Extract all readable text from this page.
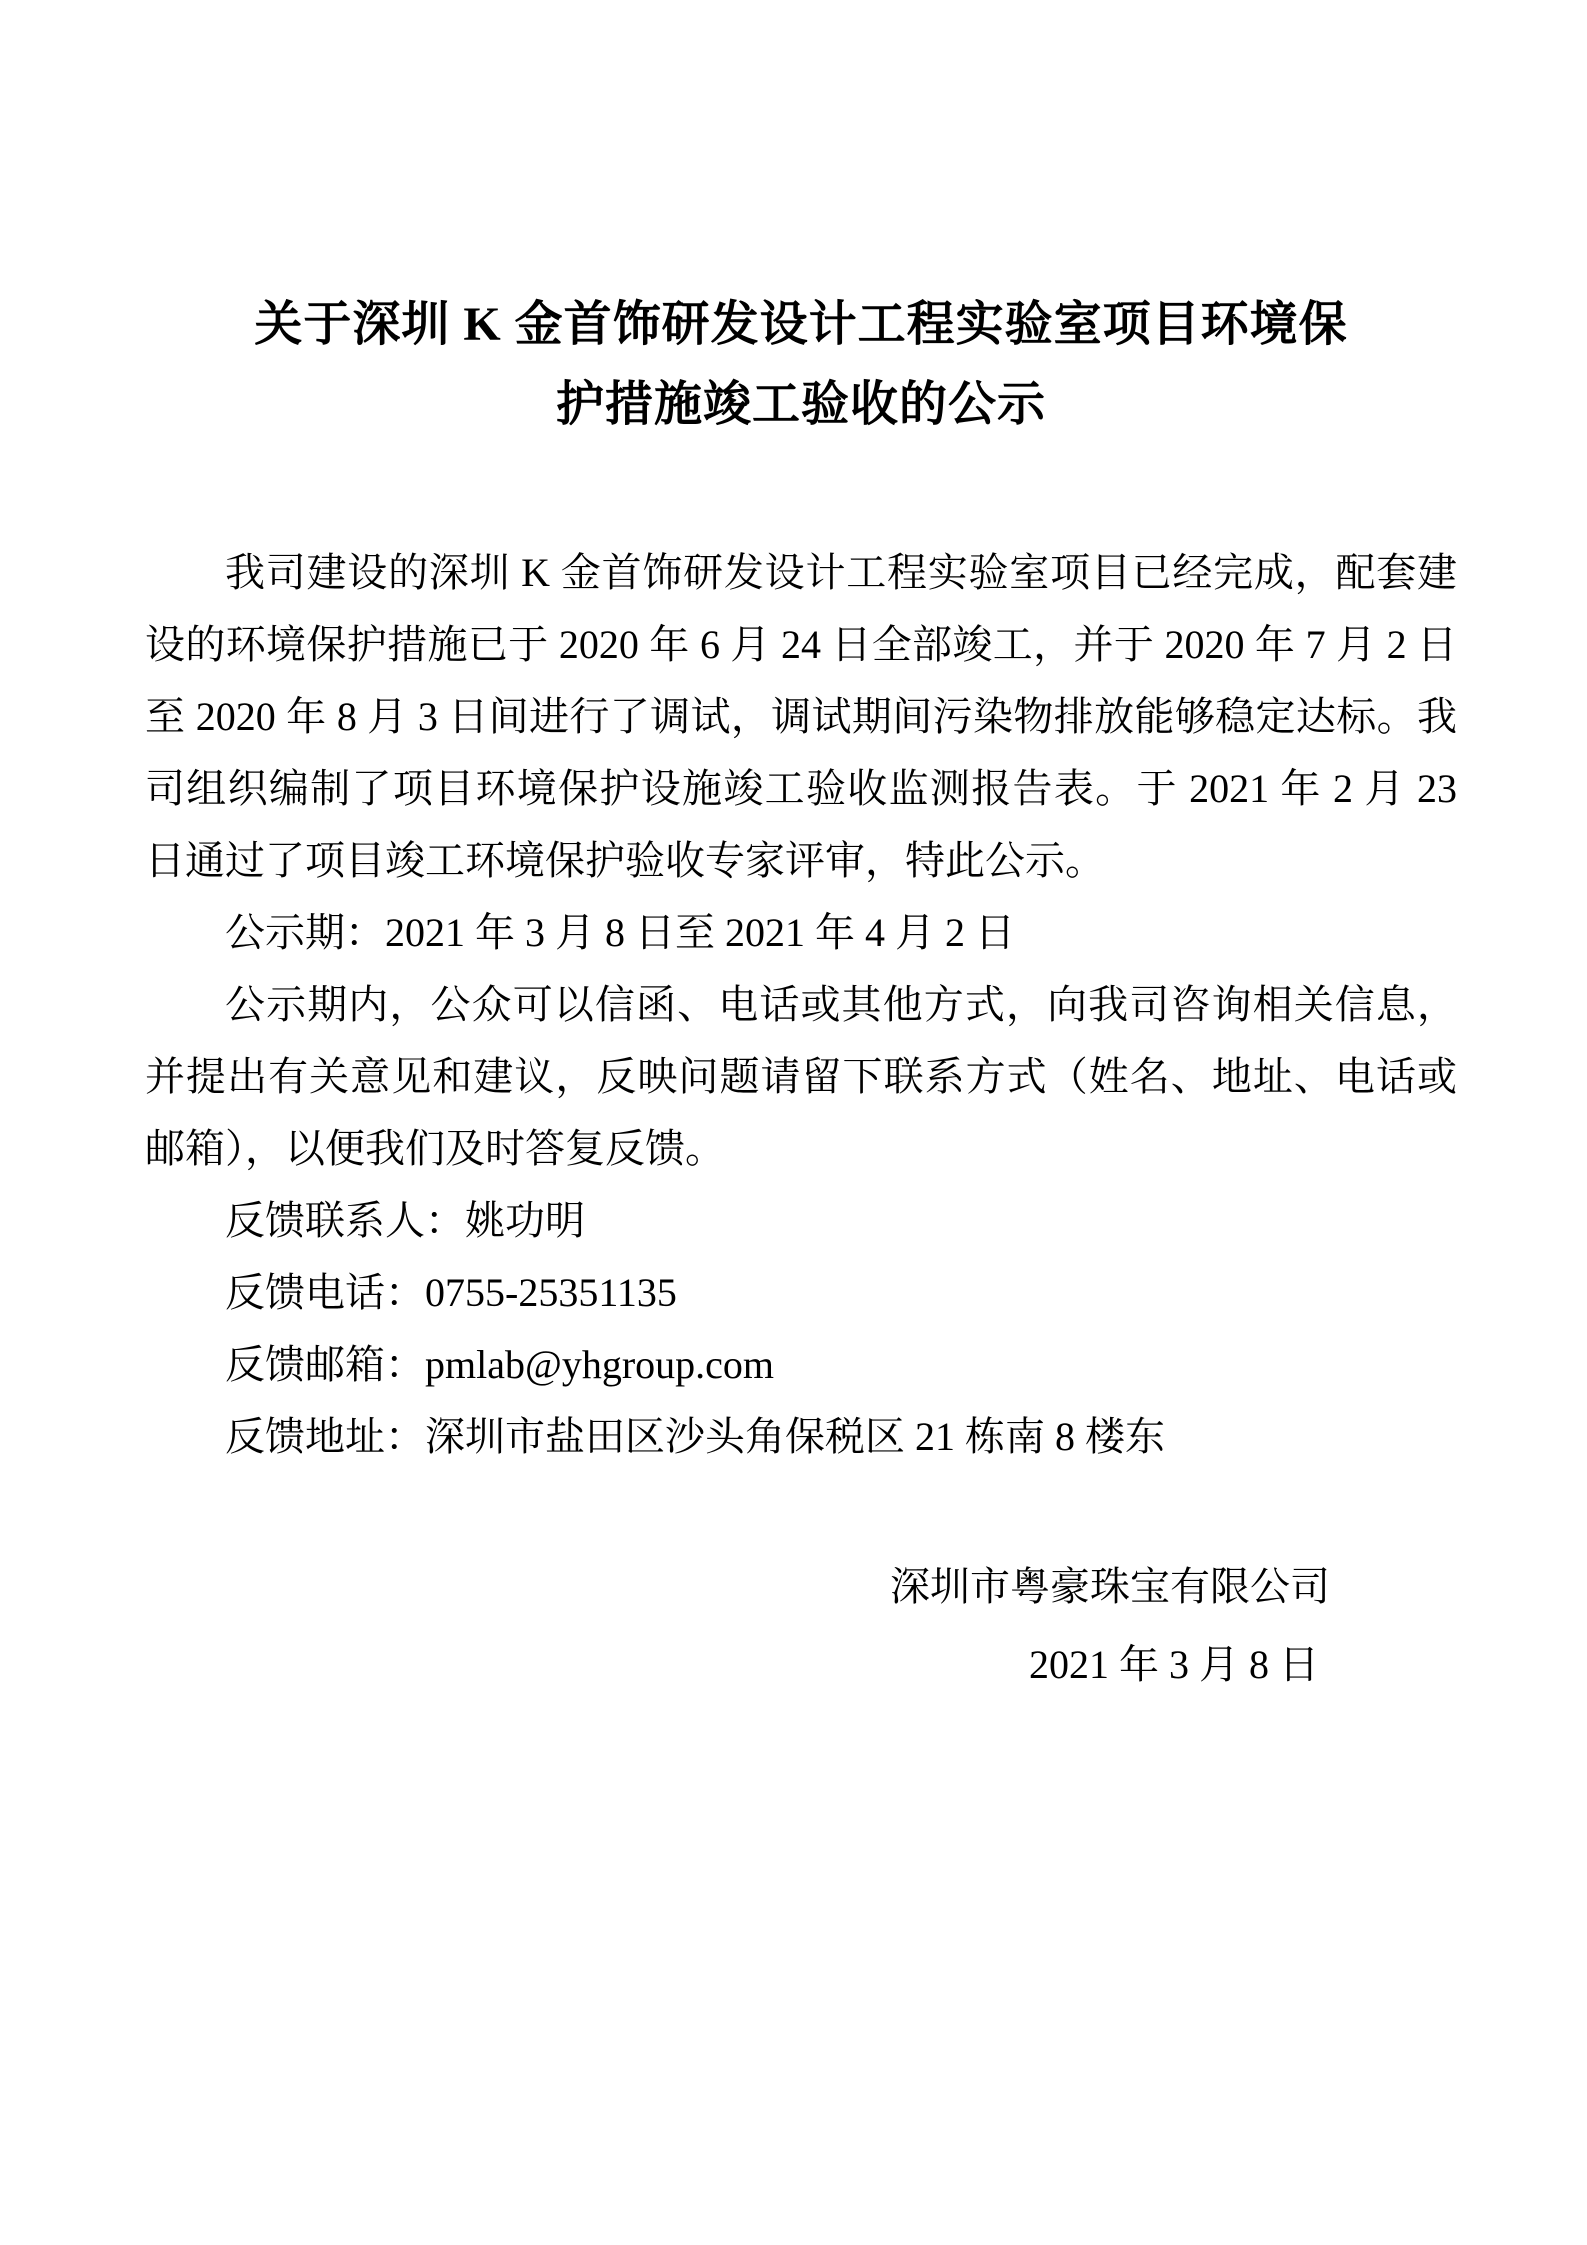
关于深圳 K 金首饰研发设计工程实验室项目环境保
护措施竣工验收的公示

我司建设的深圳 K 金首饰研发设计工程实验室项目已经完成，配套建设的环境保护措施已于 2020 年 6 月 24 日全部竣工，并于 2020 年 7 月 2 日至 2020 年 8 月 3 日间进行了调试，调试期间污染物排放能够稳定达标。我司组织编制了项目环境保护设施竣工验收监测报告表。于 2021 年 2 月 23 日通过了项目竣工环境保护验收专家评审，特此公示。

公示期：2021 年 3 月 8 日至 2021 年 4 月 2 日

公示期内，公众可以信函、电话或其他方式，向我司咨询相关信息，并提出有关意见和建议，反映问题请留下联系方式（姓名、地址、电话或邮箱），以便我们及时答复反馈。

反馈联系人：姚功明

反馈电话：0755-25351135

反馈邮箱：pmlab@yhgroup.com

反馈地址：深圳市盐田区沙头角保税区 21 栋南 8 楼东

深圳市粤豪珠宝有限公司
2021 年 3 月 8 日
